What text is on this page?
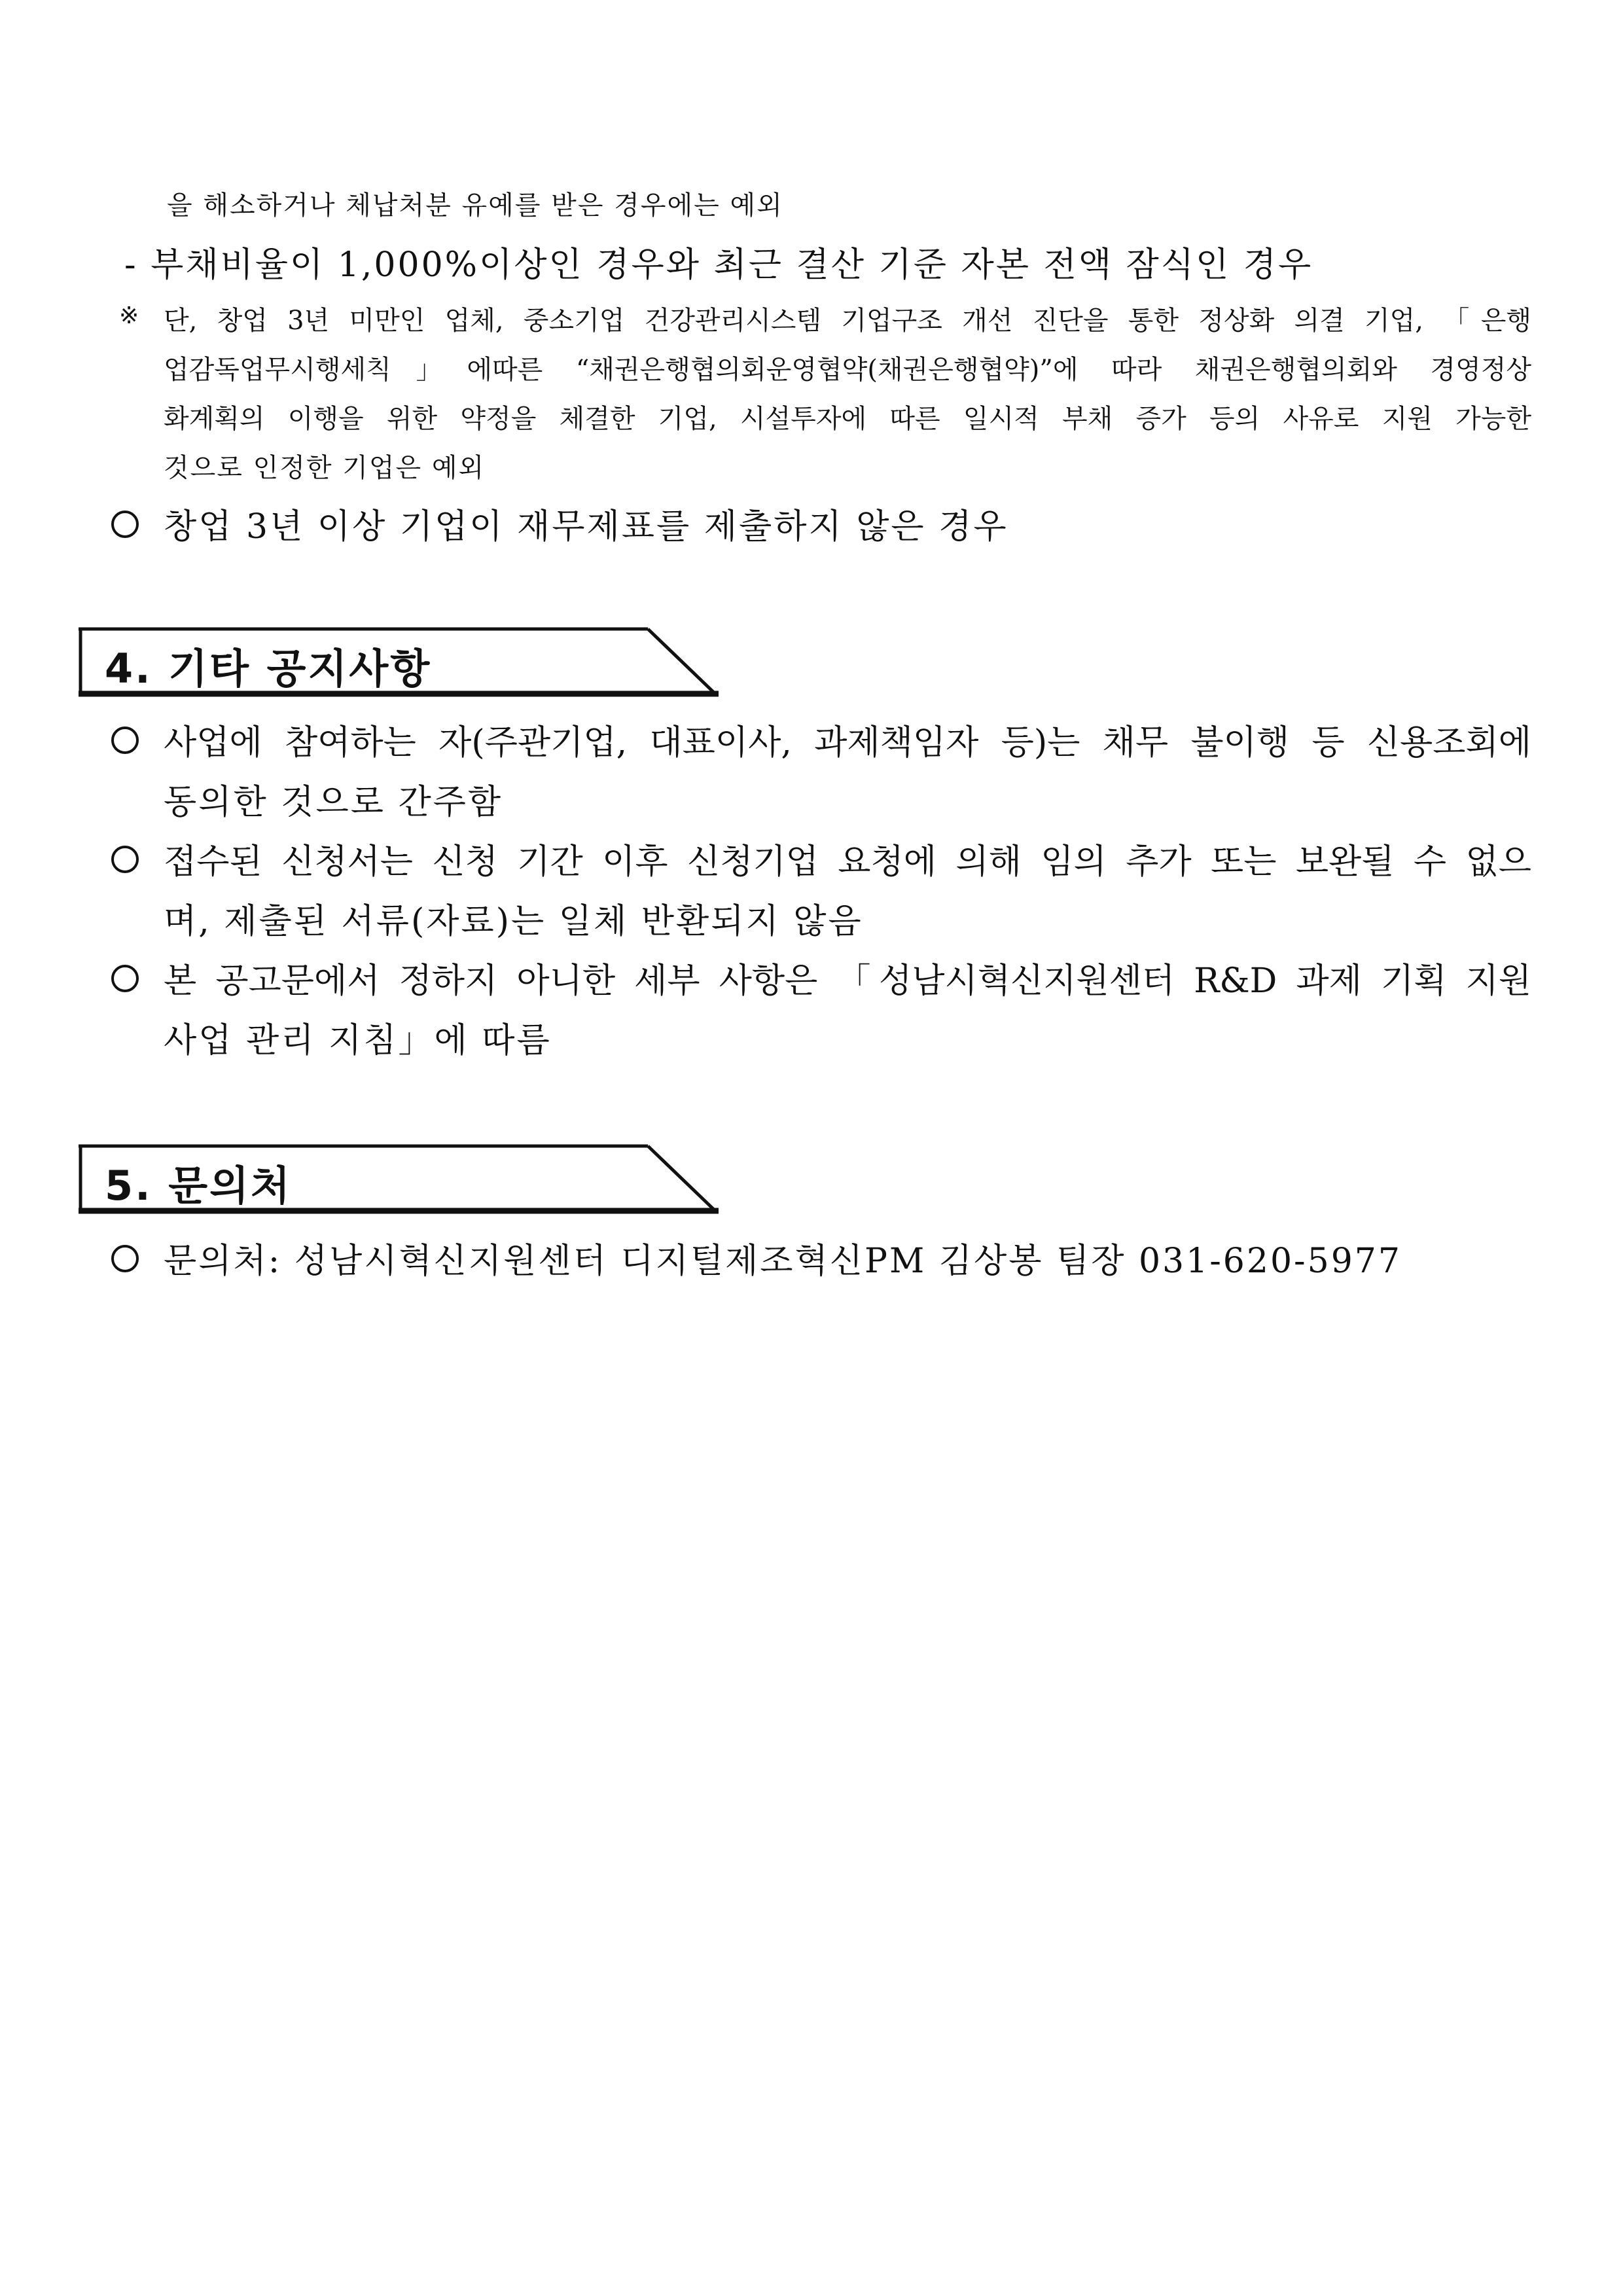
을 해소하거나 체납처분 유예를 받은 경우에는 예외
- 부채비율이 1,000%이상인 경우와 최근 결산 기준 자본 전액 잠식인 경우
※ 단, 창업 3년 미만인 업체, 중소기업 건강관리시스템 기업구조 개선 진단을 통한 정상화 의결 기업, 「은행
업감독업무시행세칙」에따른 “채권은행협의회운영협약(채권은행협약)”에 따라 채권은행협의회와 경영정상
화계획의 이행을 위한 약정을 체결한 기업, 시설투자에 따른 일시적 부채 증가 등의 사유로 지원 가능한
것으로 인정한 기업은 예외
창업 3년 이상 기업이 재무제표를 제출하지 않은 경우
4. 기타 공지사항
사업에 참여하는 자(주관기업, 대표이사, 과제책임자 등)는 채무 불이행 등 신용조회에
동의한 것으로 간주함
접수된 신청서는 신청 기간 이후 신청기업 요청에 의해 임의 추가 또는 보완될 수 없으
며, 제출된 서류(자료)는 일체 반환되지 않음
본 공고문에서 정하지 아니한 세부 사항은 「성남시혁신지원센터 R&D 과제 기획 지원
사업 관리 지침」에 따름
5. 문의처
문의처: 성남시혁신지원센터 디지털제조혁신PM 김상봉 팀장 031-620-5977
